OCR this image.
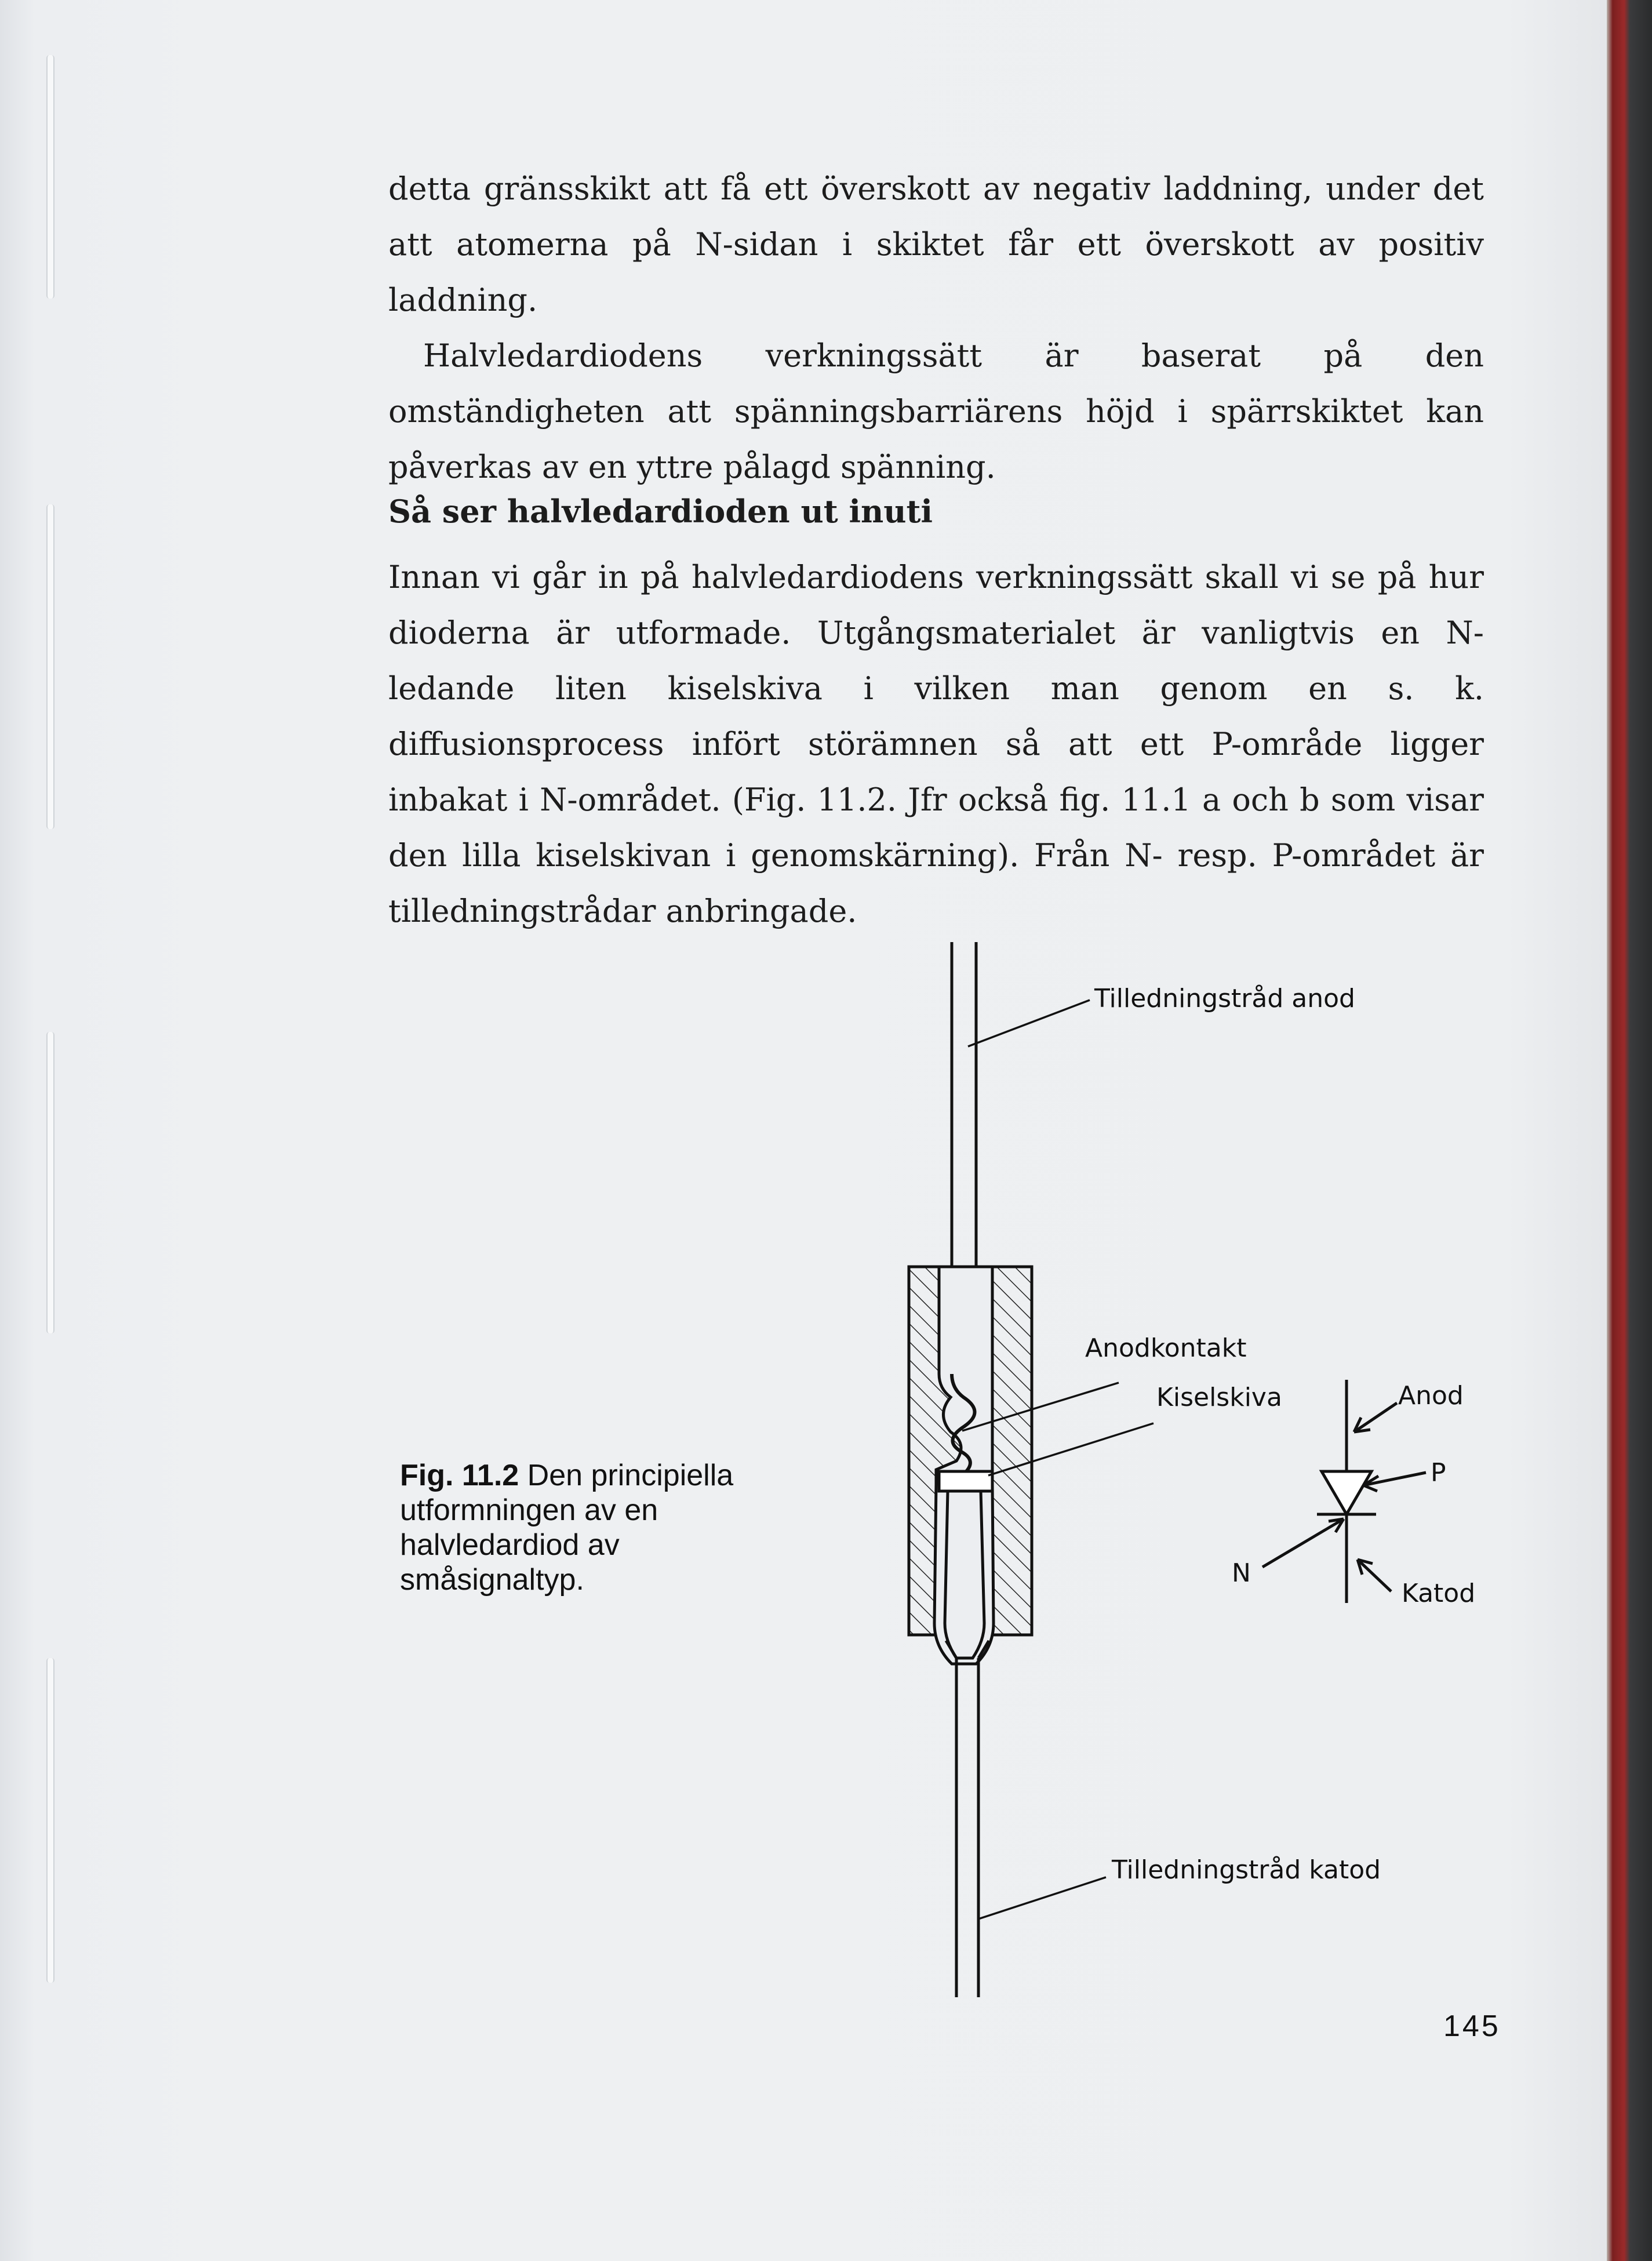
detta gränsskikt att få ett överskott av negativ laddning, under det att atomerna på N-sidan i skiktet får ett överskott av positiv laddning.

Halvledardiodens verkningssätt är baserat på den omständigheten att spänningsbarriärens höjd i spärrskiktet kan påverkas av en yttre pålagd spänning.

Så ser halvledardioden ut inuti

Innan vi går in på halvledardiodens verkningssätt skall vi se på hur dioderna är utformade. Utgångsmaterialet är vanligtvis en N-ledande liten kiselskiva i vilken man genom en s. k. diffusionsprocess infört störämnen så att ett P-område ligger inbakat i N-området. (Fig. 11.2. Jfr också fig. 11.1 a och b som visar den lilla kiselskivan i genomskärning). Från N- resp. P-området är tilledningstrådar anbringade.

Tilledningstråd anod
Anodkontakt
Kiselskiva
Tilledningstråd katod
Anod
P
N
Katod
Fig. 11.2 Den principiella utformningen av en halvledardiod av småsignaltyp.
145
